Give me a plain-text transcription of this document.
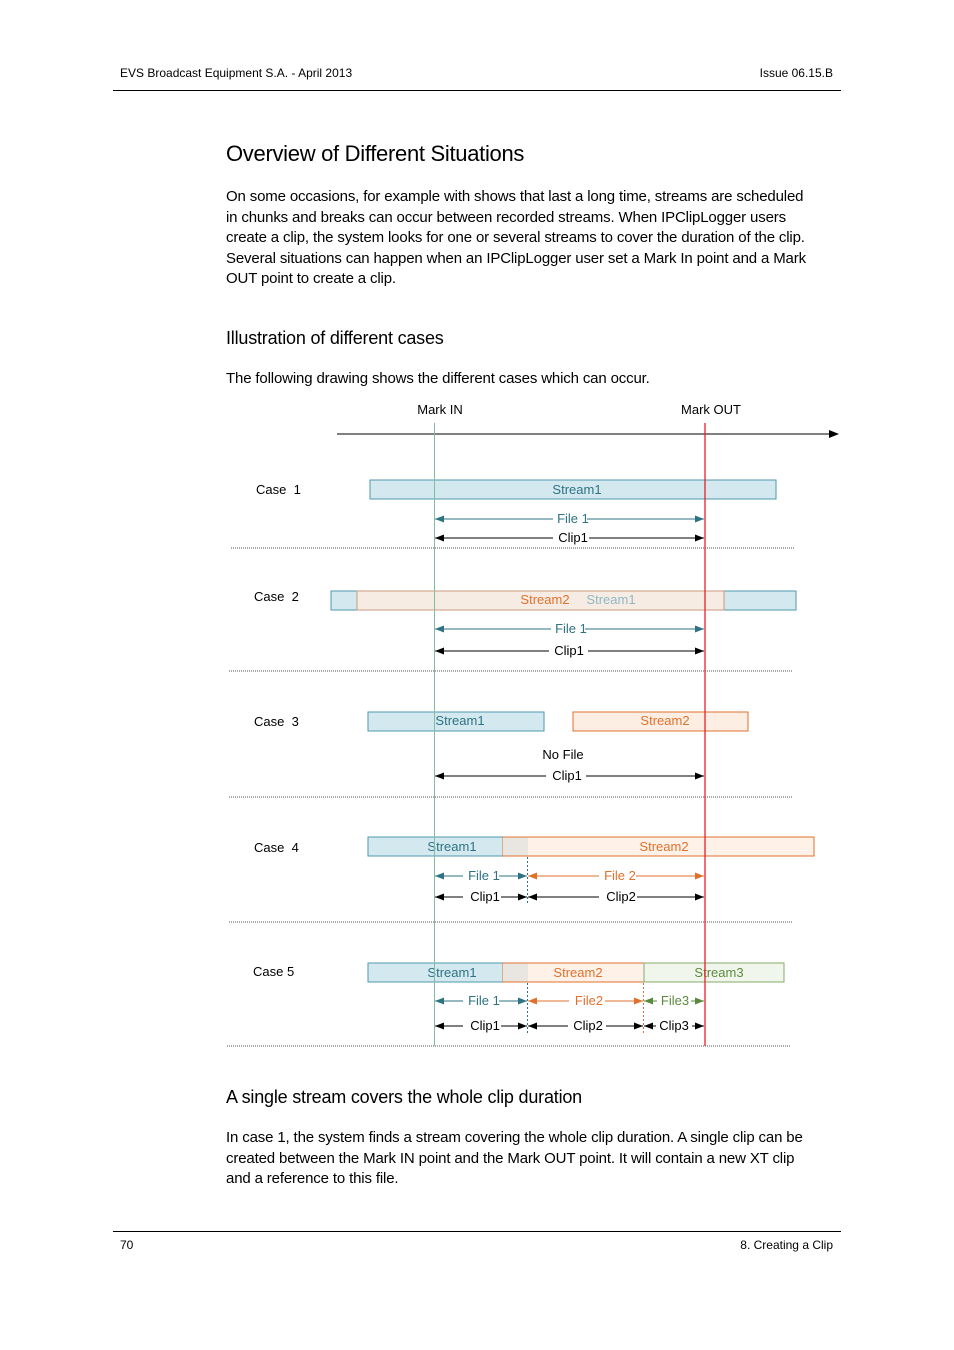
EVS Broadcast Equipment S.A. - April 2013	Issue 06.15.B
Overview of Different Situations
On some occasions, for example with shows that last a long time, streams are scheduled
in chunks and breaks can occur between recorded streams. When IPClipLogger users
create a clip, the system looks for one or several streams to cover the duration of the clip.
Several situations can happen when an IPClipLogger user set a Mark In point and a Mark
OUT point to create a clip.
Illustration of different cases
The following drawing shows the different cases which can occur.
Mark IN	Mark OUT
Case  1	Stream1
File 1
Clip1
Case  2	Stream2 Stream1
File 1
Clip1
Case  3	Stream1	Stream2
No File
Clip1
Case  4	Stream1	Stream2
File 1	File 2
Clip1	Clip2
Case 5	Stream1	Stream2	Stream3
File 1	File2	File3
Clip1	Clip2	Clip3
A single stream covers the whole clip duration
In case 1, the system finds a stream covering the whole clip duration. A single clip can be
created between the Mark IN point and the Mark OUT point. It will contain a new XT clip
and a reference to this file.
70	8. Creating a Clip
